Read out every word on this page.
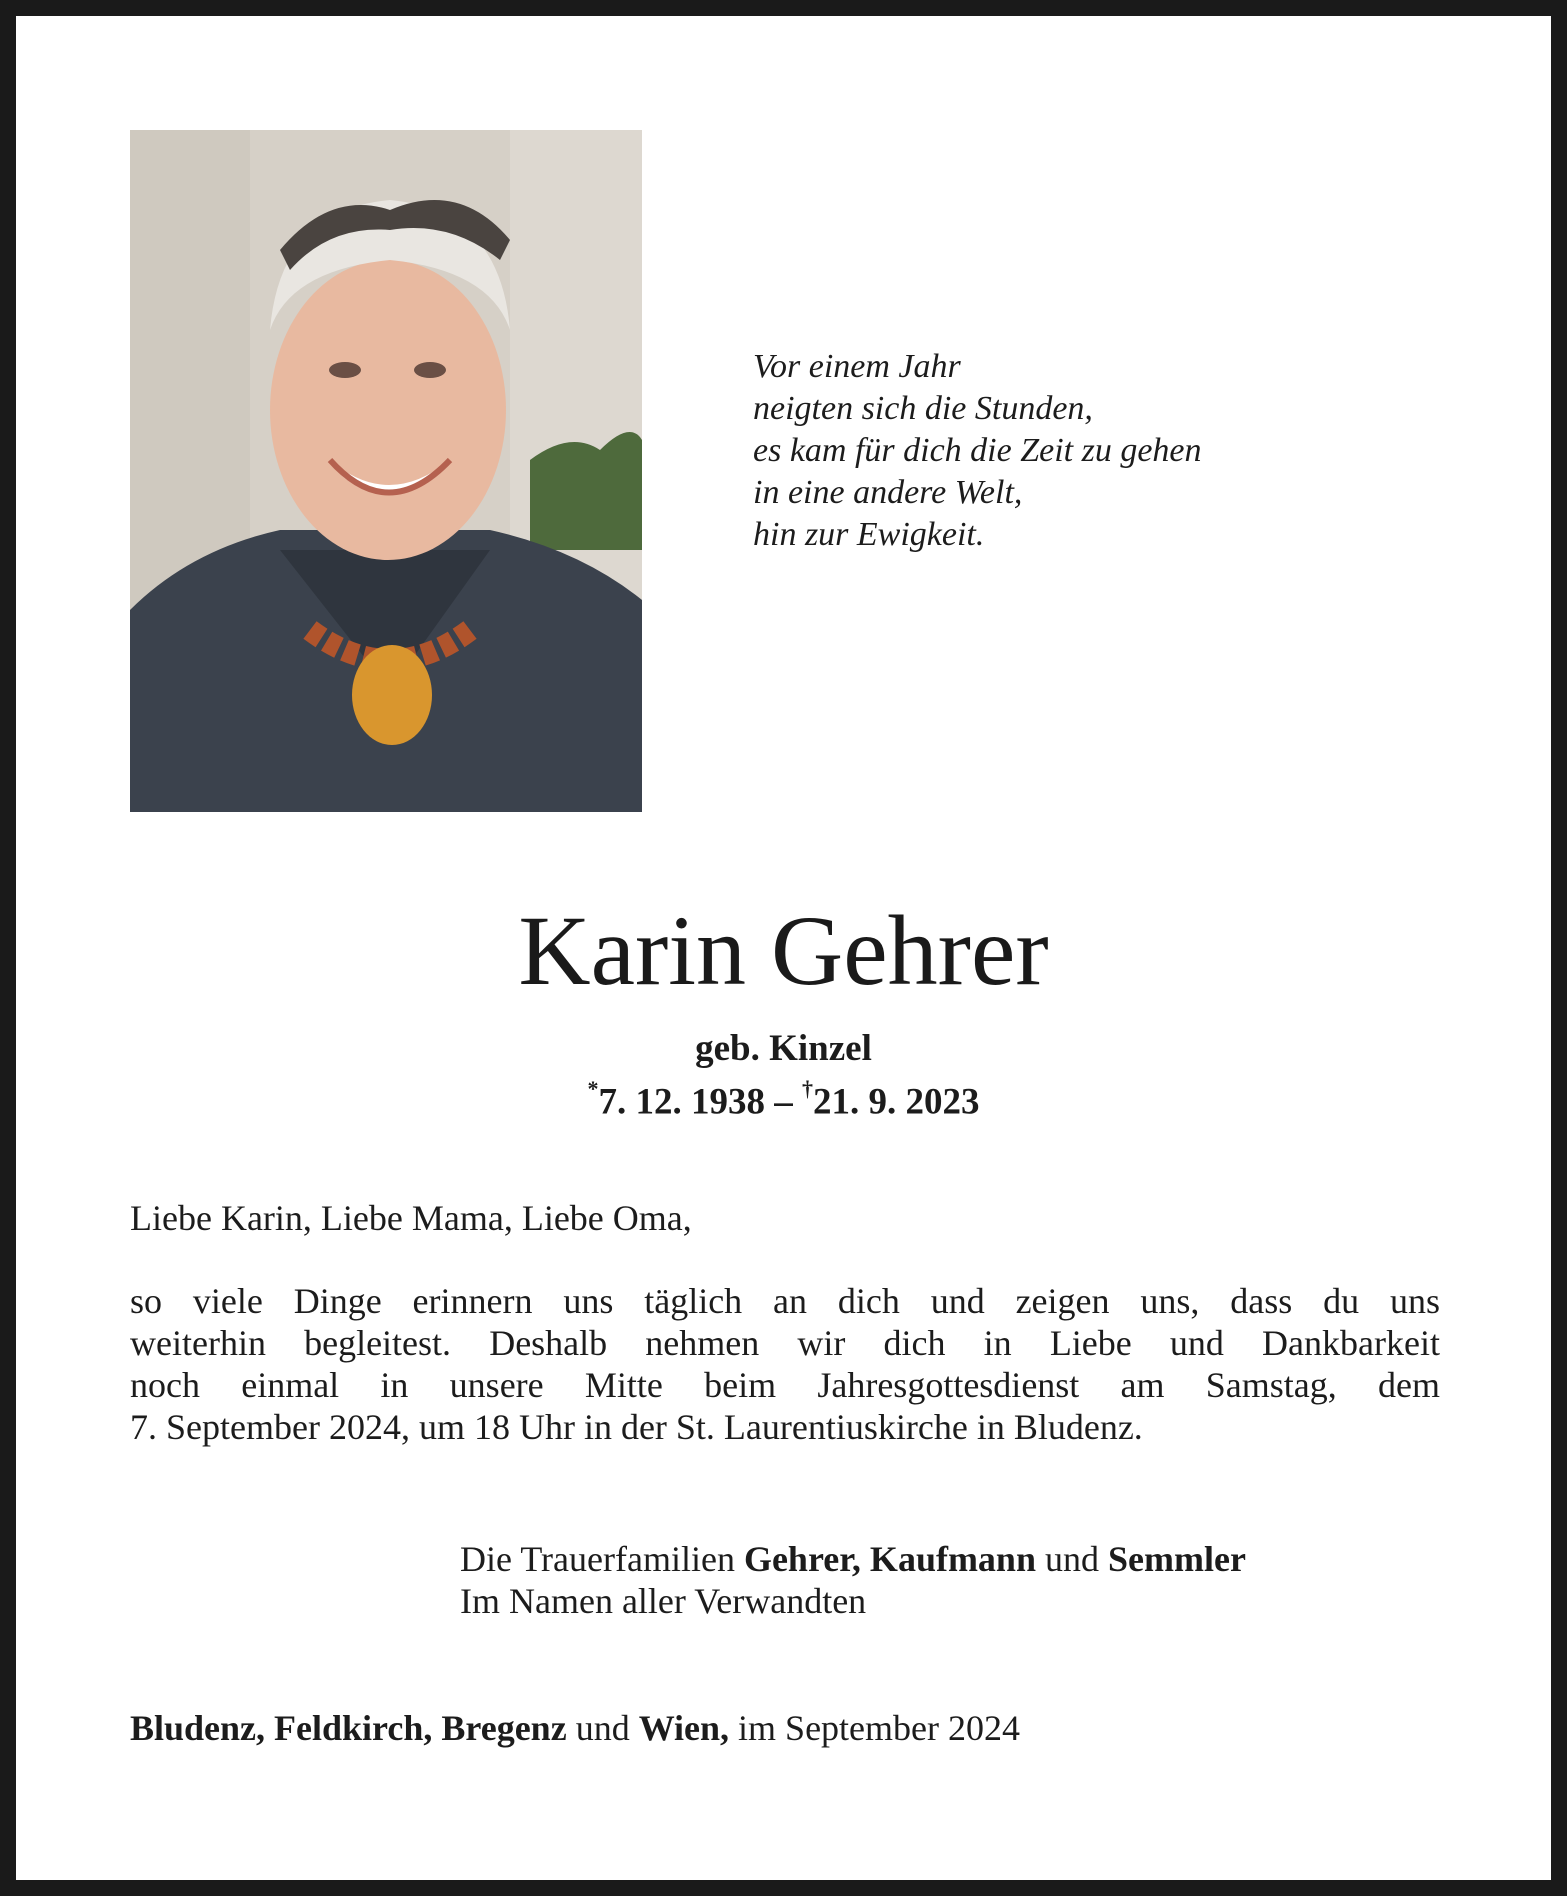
Vor einem Jahr
neigten sich die Stunden,
es kam für dich die Zeit zu gehen
in eine andere Welt,
hin zur Ewigkeit.
Karin Gehrer
geb. Kinzel
*7. 12. 1938 – †21. 9. 2023
Liebe Karin, Liebe Mama, Liebe Oma,
so viele Dinge erinnern uns täglich an dich und zeigen uns, dass du uns
weiterhin begleitest. Deshalb nehmen wir dich in Liebe und Dankbarkeit
noch einmal in unsere Mitte beim Jahresgottesdienst am Samstag, dem
7. September 2024, um 18 Uhr in der St. Laurentiuskirche in Bludenz.
Die Trauerfamilien Gehrer, Kaufmann und Semmler
Im Namen aller Verwandten
Bludenz, Feldkirch, Bregenz und Wien, im September 2024
